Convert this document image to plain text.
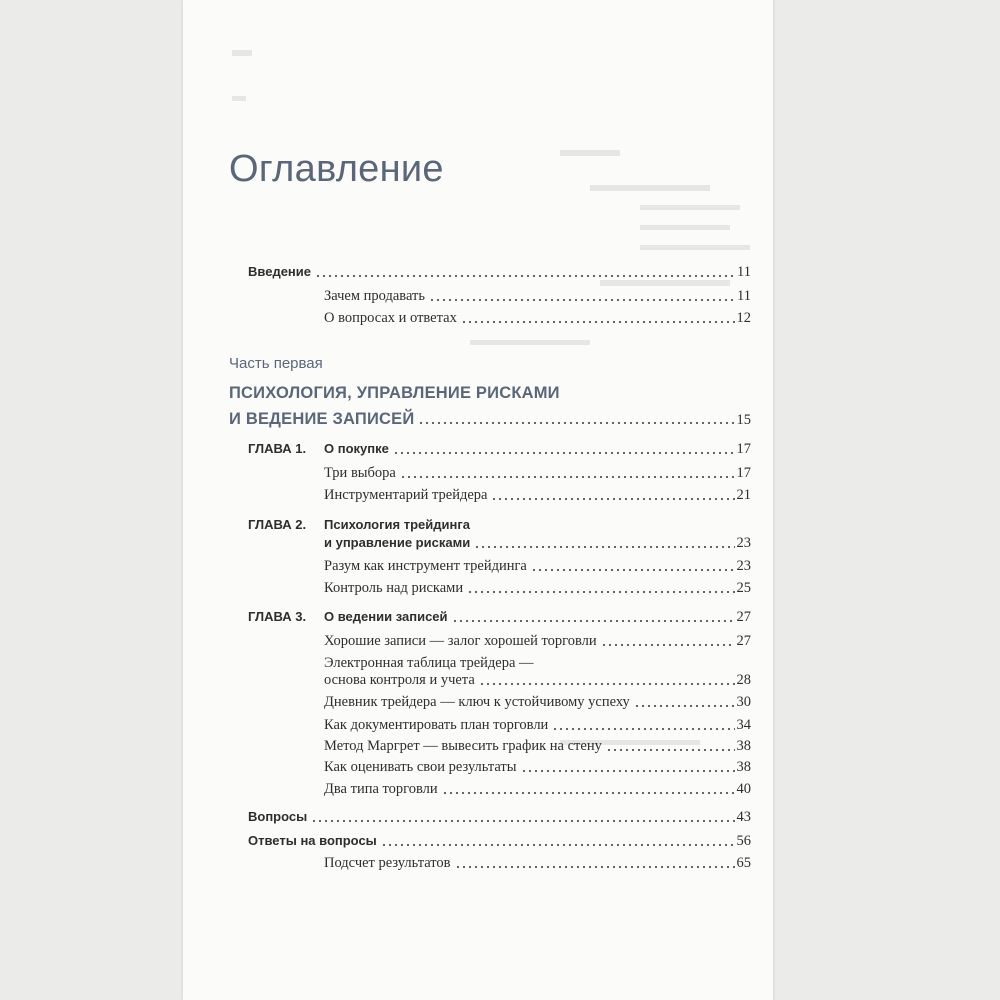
Оглавление
Введение	11
Зачем продавать	11
О вопросах и ответах	12
Часть первая
ПСИХОЛОГИЯ, УПРАВЛЕНИЕ РИСКАМИ
И ВЕДЕНИЕ ЗАПИСЕЙ	15
ГЛАВА 1. О покупке	17
Три выбора	17
Инструментарий трейдера	21
ГЛАВА 2. Психология трейдинга
и управление рисками	23
Разум как инструмент трейдинга	23
Контроль над рисками	25
ГЛАВА 3. О ведении записей	27
Хорошие записи — залог хорошей торговли	27
Электронная таблица трейдера —
основа контроля и учета	28
Дневник трейдера — ключ к устойчивому успеху	30
Как документировать план торговли	34
Метод Маргрет — вывесить график на стену	38
Как оценивать свои результаты	38
Два типа торговли	40
Вопросы	43
Ответы на вопросы	56
Подсчет результатов	65
